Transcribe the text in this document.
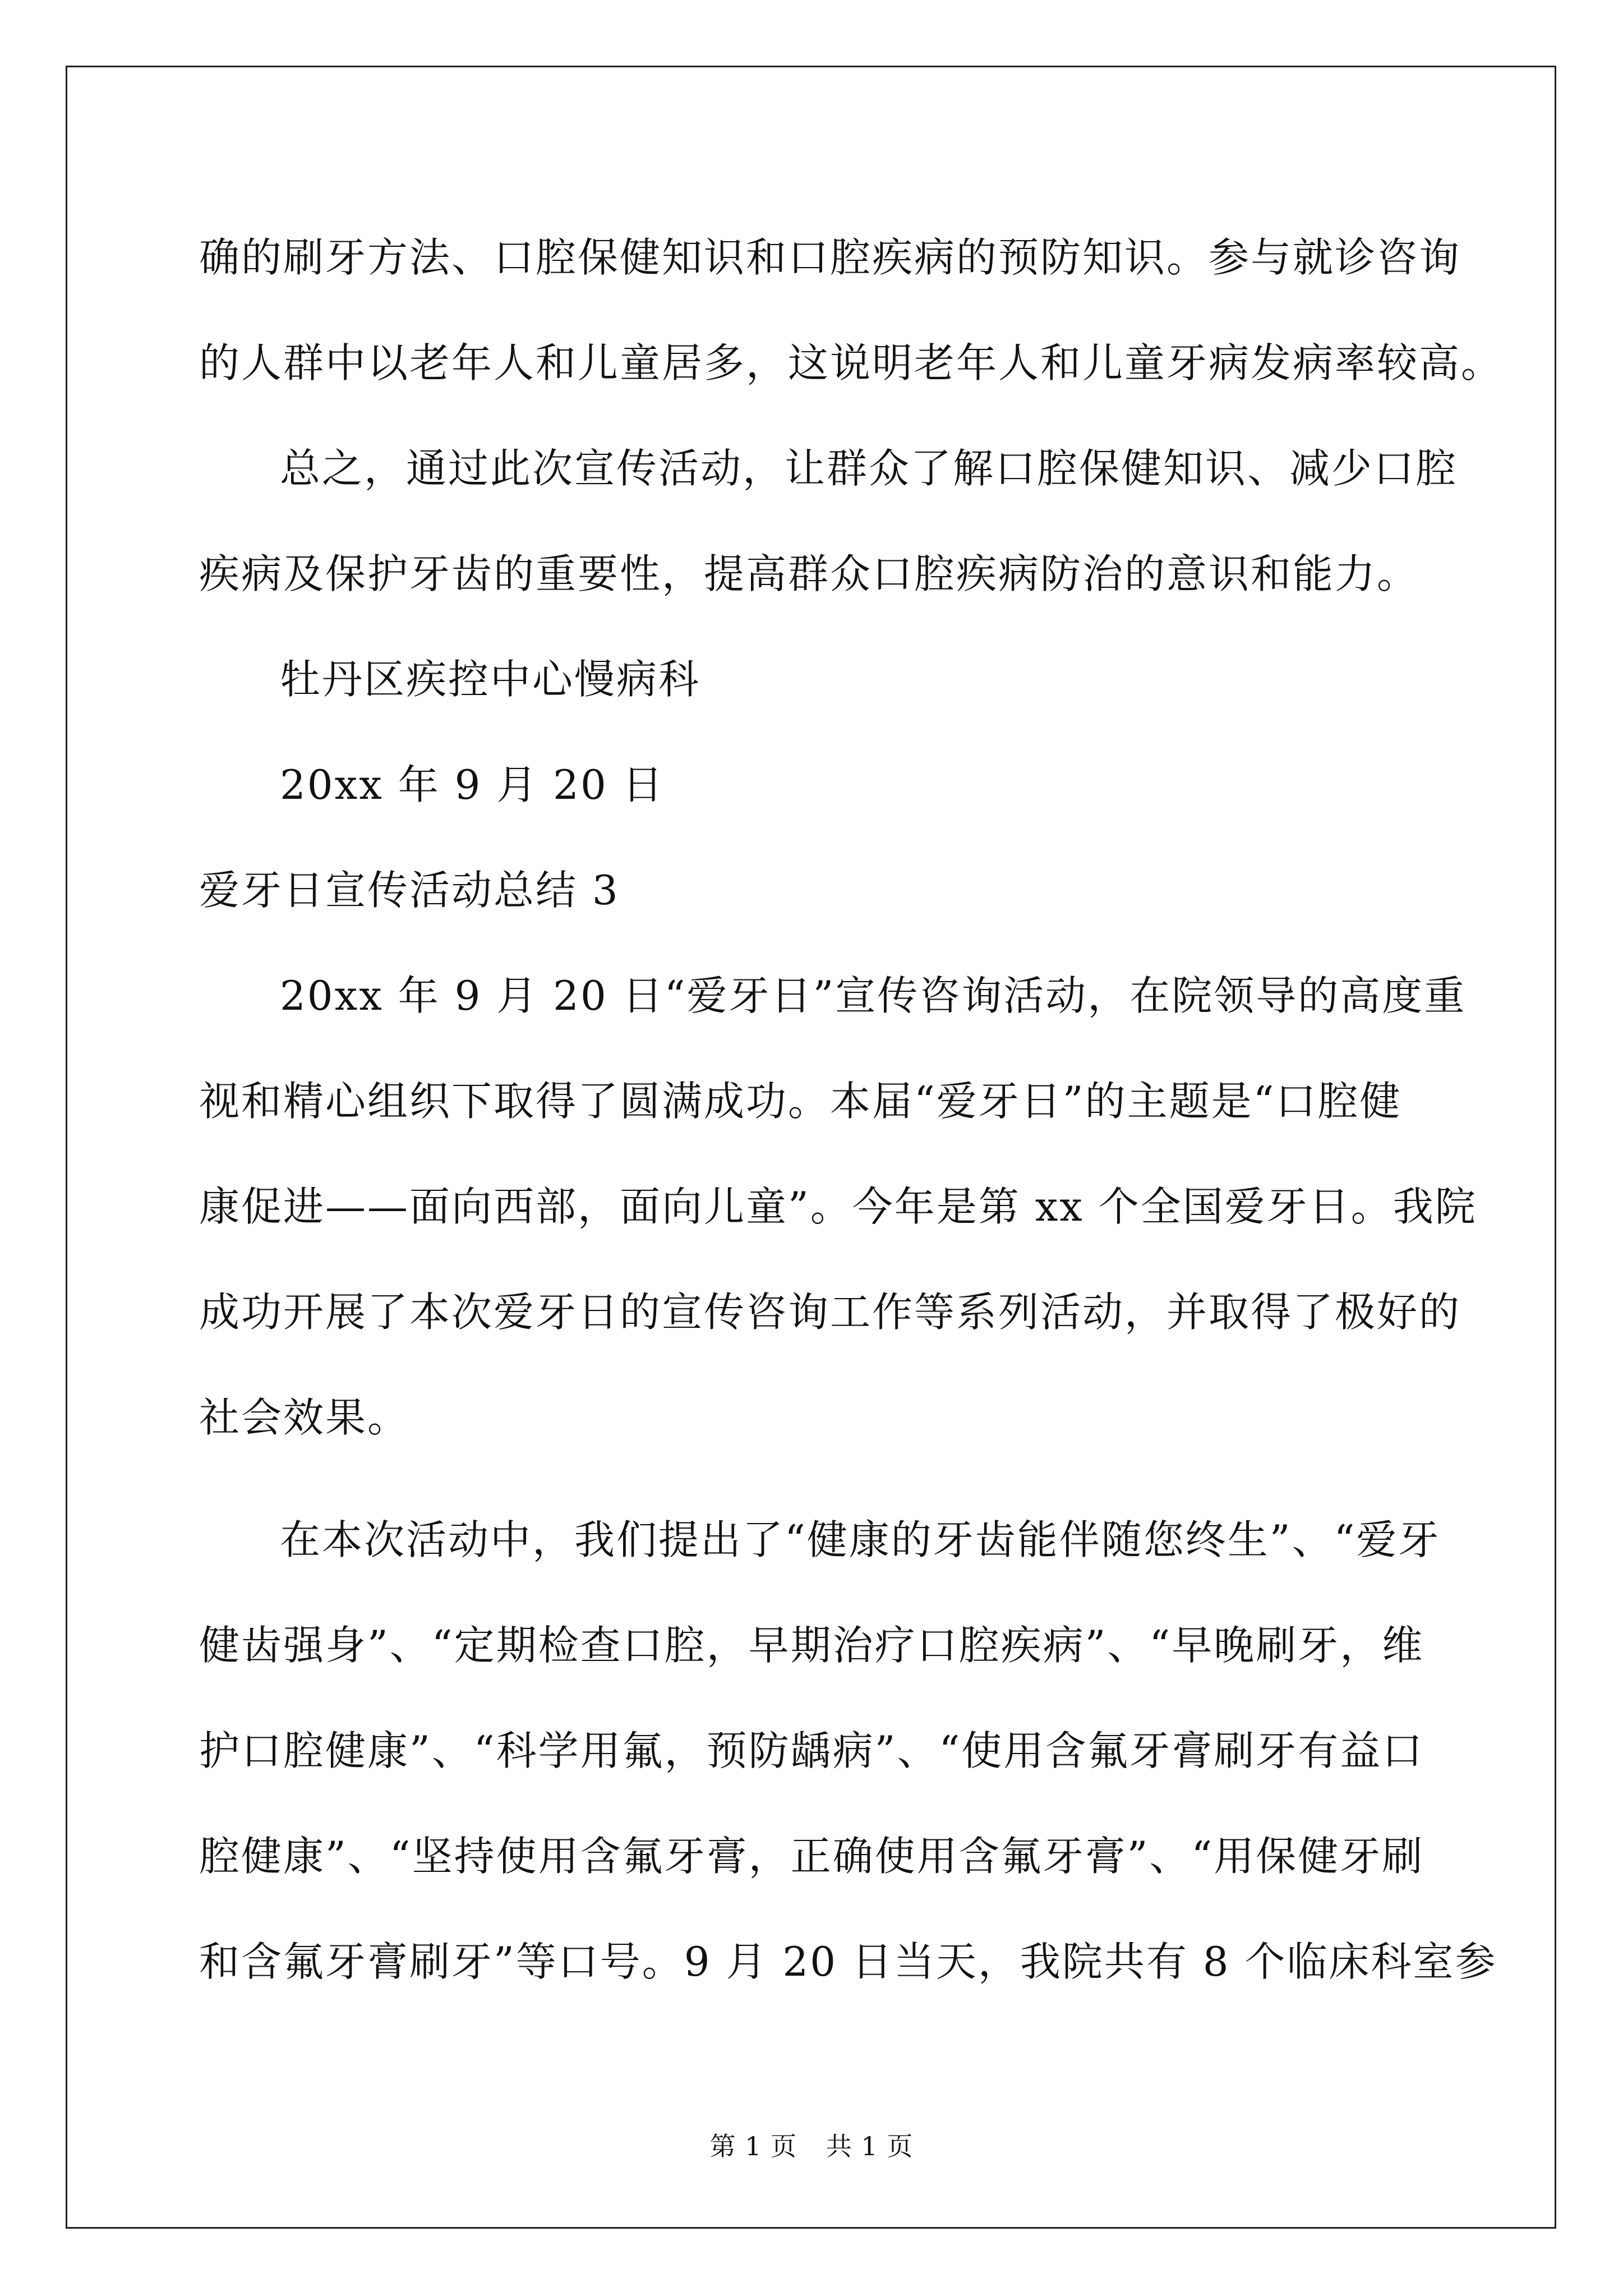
确的刷牙方法、口腔保健知识和口腔疾病的预防知识。参与就诊咨询

的人群中以老年人和儿童居多，这说明老年人和儿童牙病发病率较高。

总之，通过此次宣传活动，让群众了解口腔保健知识、减少口腔

疾病及保护牙齿的重要性，提高群众口腔疾病防治的意识和能力。

牡丹区疾控中心慢病科

20xx 年 9 月 20 日

爱牙日宣传活动总结 3

20xx 年 9 月 20 日“爱牙日”宣传咨询活动，在院领导的高度重

视和精心组织下取得了圆满成功。本届“爱牙日”的主题是“口腔健

康促进——面向西部，面向儿童”。今年是第 xx 个全国爱牙日。我院

成功开展了本次爱牙日的宣传咨询工作等系列活动，并取得了极好的

社会效果。

在本次活动中，我们提出了“健康的牙齿能伴随您终生”、“爱牙

健齿强身”、“定期检查口腔，早期治疗口腔疾病”、“早晚刷牙，维

护口腔健康”、“科学用氟，预防龋病”、“使用含氟牙膏刷牙有益口

腔健康”、“坚持使用含氟牙膏，正确使用含氟牙膏”、“用保健牙刷

和含氟牙膏刷牙”等口号。9 月 20 日当天，我院共有 8 个临床科室参

第 1 页 共 1 页
